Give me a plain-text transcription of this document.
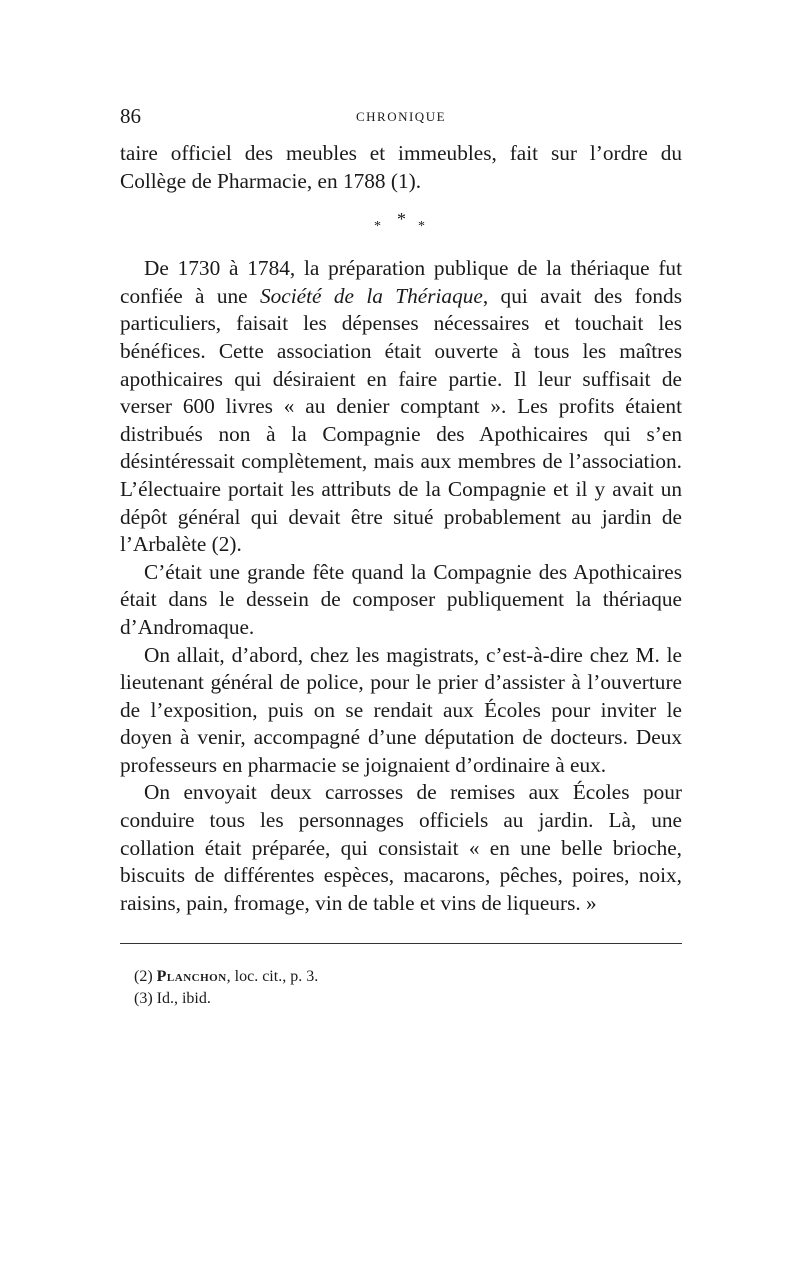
86	CHRONIQUE

taire officiel des meubles et immeubles, fait sur l’ordre du Collège de Pharmacie, en 1788 (1).

*
*	*

De 1730 à 1784, la préparation publique de la thériaque fut confiée à une Société de la Thériaque, qui avait des fonds particuliers, faisait les dépenses nécessaires et touchait les bénéfices. Cette association était ouverte à tous les maîtres apothicaires qui désiraient en faire partie. Il leur suffisait de verser 600 livres « au denier comptant ». Les profits étaient distribués non à la Compagnie des Apothicaires qui s’en désintéressait complètement, mais aux membres de l’association. L’électuaire portait les attributs de la Compagnie et il y avait un dépôt général qui devait être situé probablement au jardin de l’Arbalète (2).

C’était une grande fête quand la Compagnie des Apothicaires était dans le dessein de composer publiquement la thériaque d’Andromaque.

On allait, d’abord, chez les magistrats, c’est-à-dire chez M. le lieutenant général de police, pour le prier d’assister à l’ouverture de l’exposition, puis on se rendait aux Écoles pour inviter le doyen à venir, accompagné d’une députation de docteurs. Deux professeurs en pharmacie se joignaient d’ordinaire à eux.

On envoyait deux carrosses de remises aux Écoles pour conduire tous les personnages officiels au jardin. Là, une collation était préparée, qui consistait « en une belle brioche, biscuits de différentes espèces, macarons, pêches, poires, noix, raisins, pain, fromage, vin de table et vins de liqueurs. »

(2) Planchon, loc. cit., p. 3.
(3) Id., ibid.
